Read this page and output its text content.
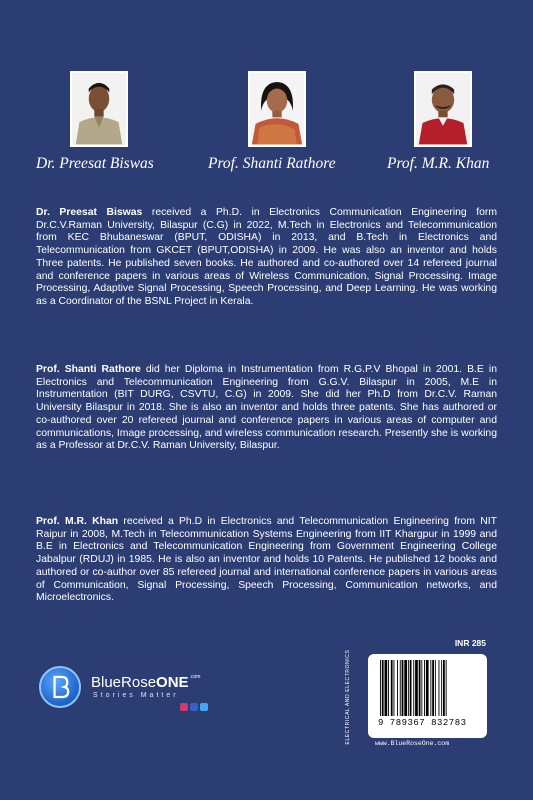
Dr. Preesat Biswas	Prof. Shanti Rathore	Prof. M.R. Khan

Dr. Preesat Biswas received a Ph.D. in Electronics Communication Engineering form Dr.C.V.Raman University, Bilaspur (C.G) in 2022, M.Tech in Electronics and Telecommunication from KEC Bhubaneswar (BPUT, ODISHA) in 2013, and B.Tech in Electronics and Telecommunication from GKCET (BPUT,ODISHA) in 2009. He was also an inventor and holds Three patents. He published seven books. He authored and co-authored over 14 refereed journal and conference papers in various areas of Wireless Communication, Signal Processing. Image Processing, Adaptive Signal Processing, Speech Processing, and Deep Learning. He was working as a Coordinator of the BSNL Project in Kerala.

Prof. Shanti Rathore did her Diploma in Instrumentation from R.G.P.V Bhopal in 2001. B.E in Electronics and Telecommunication Engineering from G.G.V. Bilaspur in 2005, M.E in Instrumentation (BIT DURG, CSVTU, C.G) in 2009. She did her Ph.D from Dr.C.V. Raman University Bilaspur in 2018. She is also an inventor and holds three patents. She has authored or co-authored over 20 refereed journal and conference papers in various areas of computer and communications, Image processing, and wireless communication research. Presently she is working as a Professor at Dr.C.V. Raman University, Bilaspur.

Prof. M.R. Khan received a Ph.D in Electronics and Telecommunication Engineering from NIT Raipur in 2008, M.Tech in Telecommunication Systems Engineering from IIT Khargpur in 1999 and B.E in Electronics and Telecommunication Engineering from Government Engineering College Jabalpur (RDUJ) in 1985. He is also an inventor and holds 10 Patents. He published 12 books and authored or co-author over 85 refereed journal and international conference papers in various areas of Communication, Signal Processing, Speech Processing, Communication networks, and Microelectronics.

BlueRoseONE$^{.com}$
Stories Matter
INR 285
ELECTRICAL AND ELECTRONICS	9 789367 832783
www.BlueRoseOne.com
